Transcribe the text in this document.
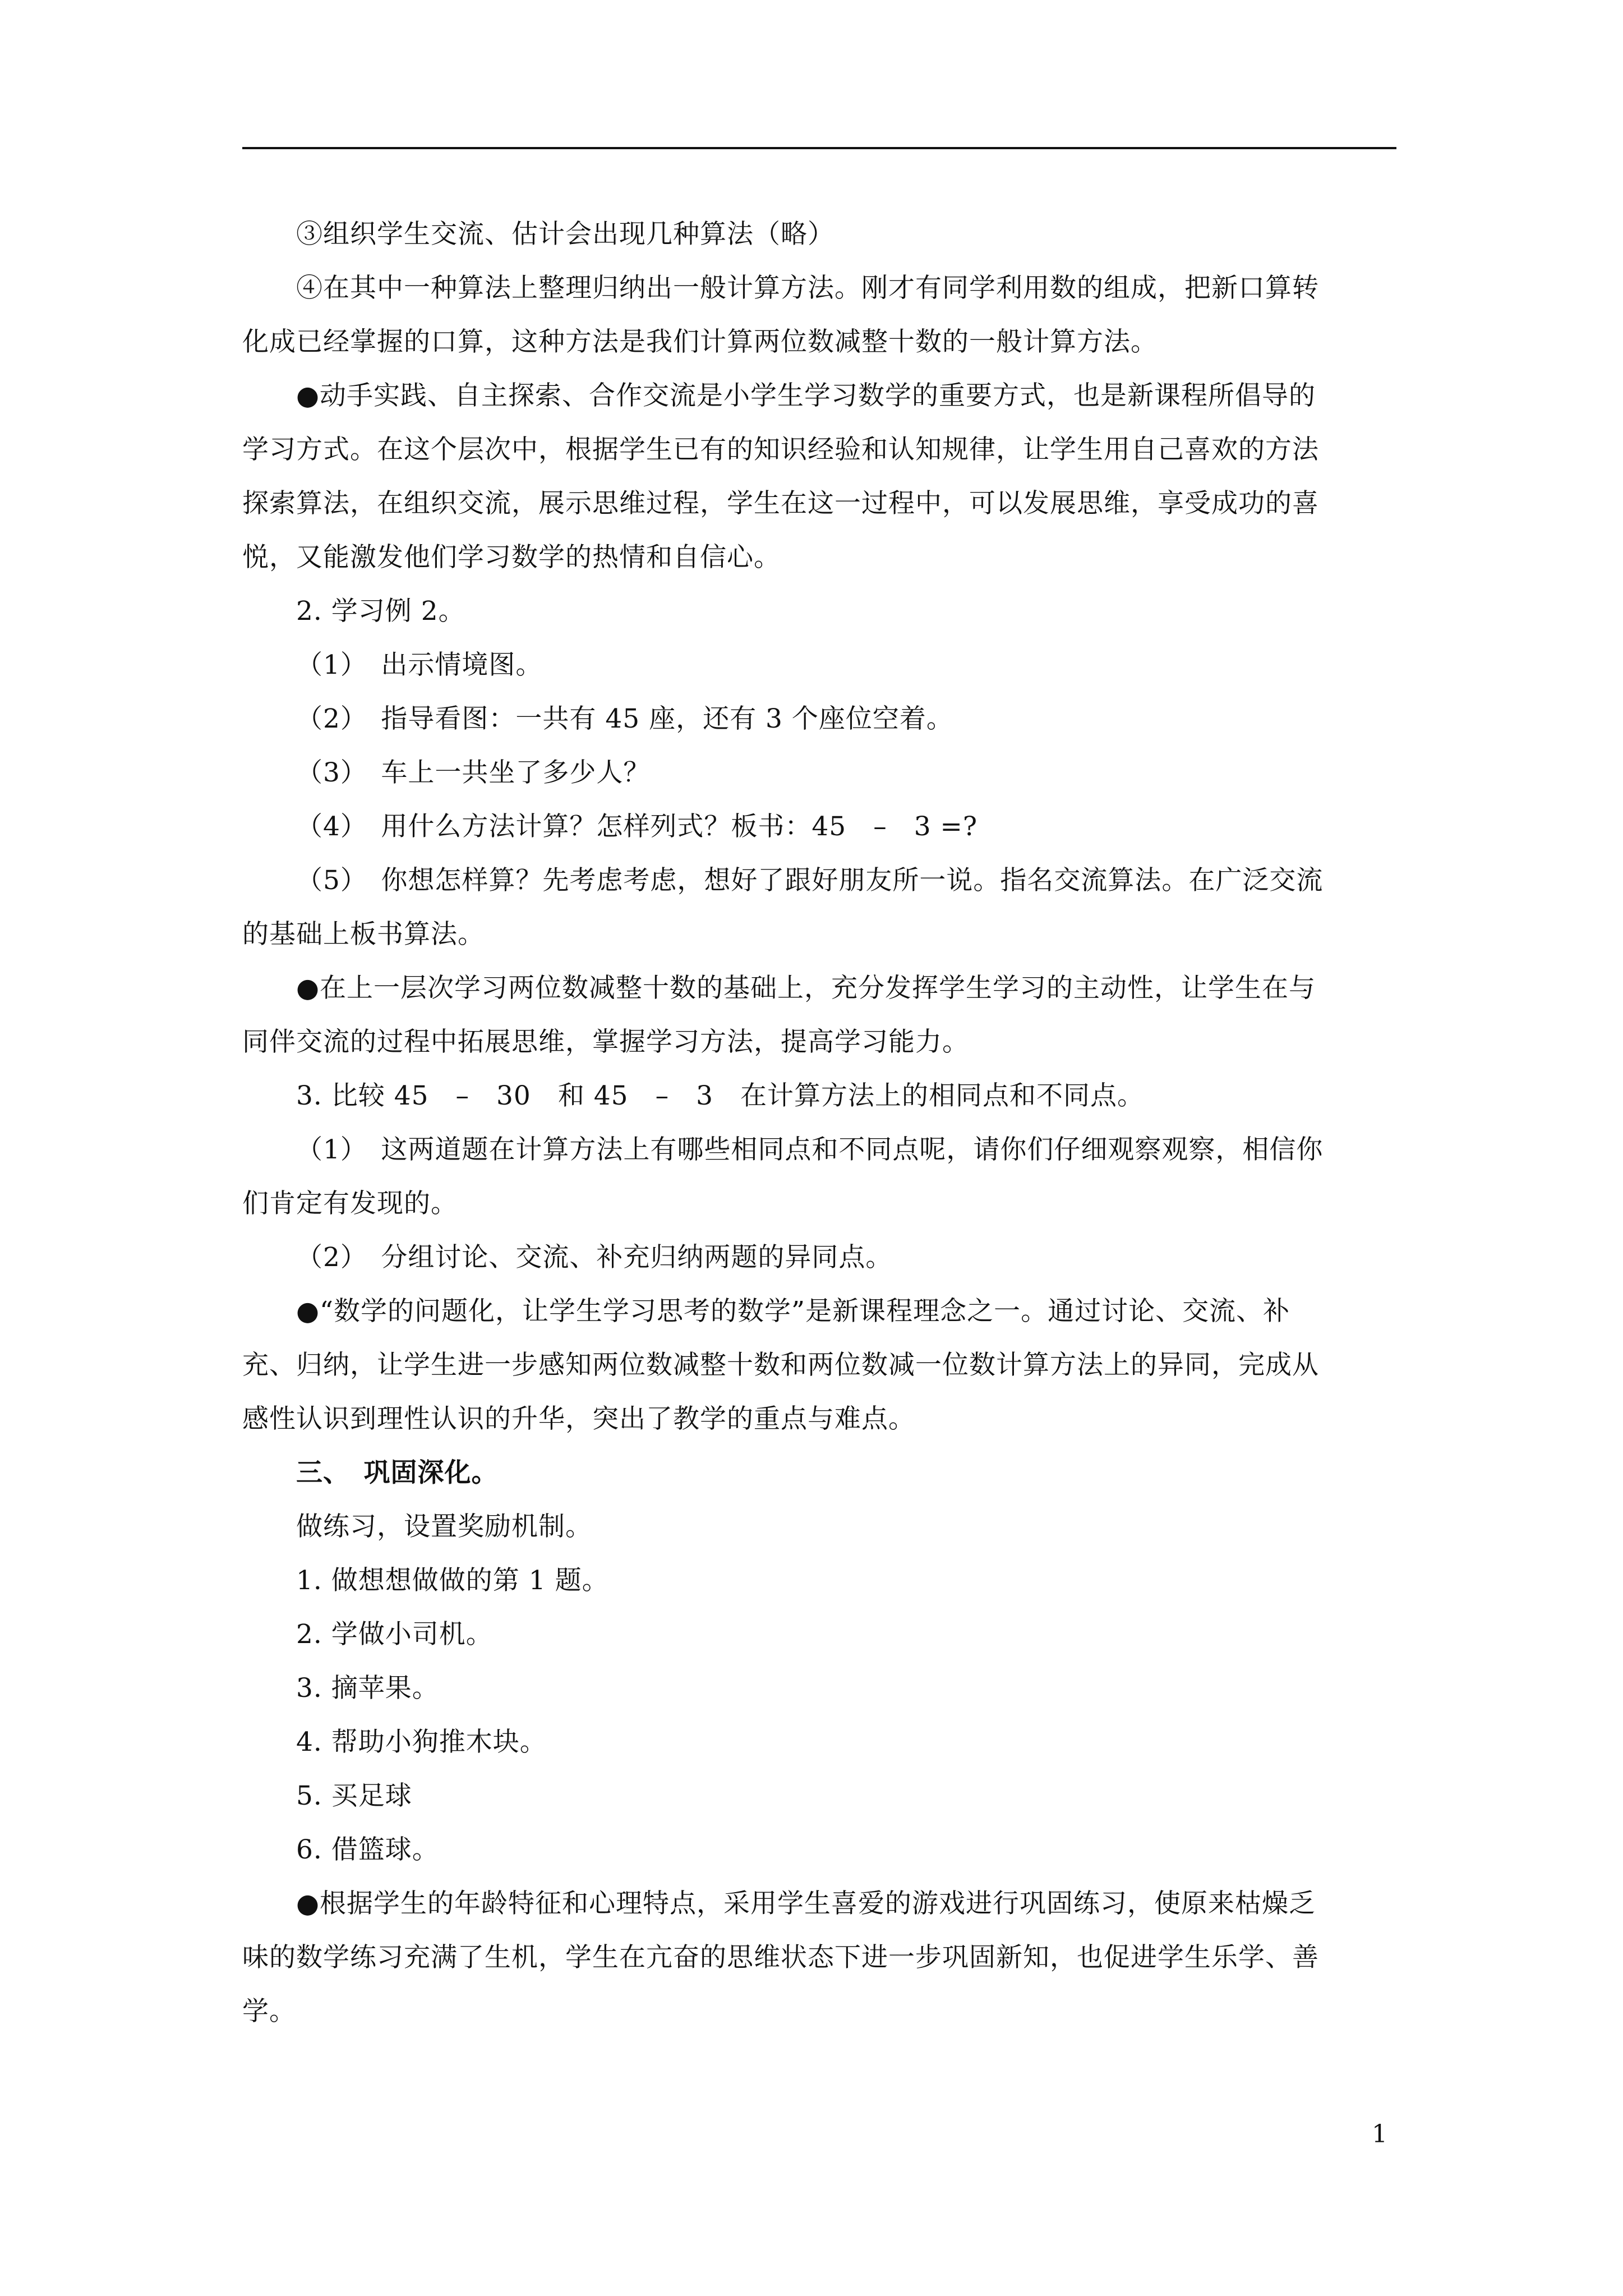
③组织学生交流、估计会出现几种算法（略）
④在其中一种算法上整理归纳出一般计算方法。刚才有同学利用数的组成，把新口算转
化成已经掌握的口算，这种方法是我们计算两位数减整十数的一般计算方法。
●动手实践、自主探索、合作交流是小学生学习数学的重要方式，也是新课程所倡导的
学习方式。在这个层次中，根据学生已有的知识经验和认知规律，让学生用自己喜欢的方法
探索算法，在组织交流，展示思维过程，学生在这一过程中，可以发展思维，享受成功的喜
悦，又能激发他们学习数学的热情和自信心。
2. 学习例 2。
（1）　出示情境图。
（2）　指导看图：一共有 45 座，还有 3 个座位空着。
（3）　车上一共坐了多少人？
（4）　用什么方法计算？怎样列式？板书：45　–　3 =?
（5）　你想怎样算？先考虑考虑，想好了跟好朋友所一说。指名交流算法。在广泛交流
的基础上板书算法。
●在上一层次学习两位数减整十数的基础上，充分发挥学生学习的主动性，让学生在与
同伴交流的过程中拓展思维，掌握学习方法，提高学习能力。
3. 比较 45　–　30　和 45　–　3　在计算方法上的相同点和不同点。
（1）　这两道题在计算方法上有哪些相同点和不同点呢，请你们仔细观察观察，相信你
们肯定有发现的。
（2）　分组讨论、交流、补充归纳两题的异同点。
●“数学的问题化，让学生学习思考的数学”是新课程理念之一。通过讨论、交流、补
充、归纳，让学生进一步感知两位数减整十数和两位数减一位数计算方法上的异同，完成从
感性认识到理性认识的升华，突出了教学的重点与难点。
三、　巩固深化。
做练习，设置奖励机制。
1. 做想想做做的第 1 题。
2. 学做小司机。
3. 摘苹果。
4. 帮助小狗推木块。
5. 买足球
6. 借篮球。
●根据学生的年龄特征和心理特点，采用学生喜爱的游戏进行巩固练习，使原来枯燥乏
味的数学练习充满了生机，学生在亢奋的思维状态下进一步巩固新知，也促进学生乐学、善
学。
1
